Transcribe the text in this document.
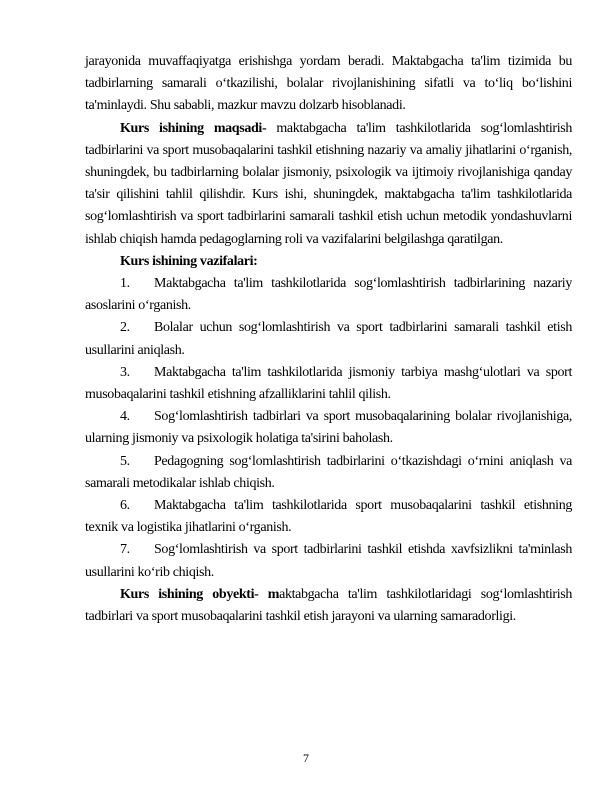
jarayonida muvaffaqiyatga erishishga yordam beradi. Maktabgacha ta'lim tizimida bu tadbirlarning samarali o‘tkazilishi, bolalar rivojlanishining sifatli va to‘liq bo‘lishini ta'minlaydi. Shu sababli, mazkur mavzu dolzarb hisoblanadi.

Kurs ishining maqsadi- maktabgacha ta'lim tashkilotlarida sog‘lomlashtirish tadbirlarini va sport musobaqalarini tashkil etishning nazariy va amaliy jihatlarini o‘rganish, shuningdek, bu tadbirlarning bolalar jismoniy, psixologik va ijtimoiy rivojlanishiga qanday ta'sir qilishini tahlil qilishdir. Kurs ishi, shuningdek, maktabgacha ta'lim tashkilotlarida sog‘lomlashtirish va sport tadbirlarini samarali tashkil etish uchun metodik yondashuvlarni ishlab chiqish hamda pedagoglarning roli va vazifalarini belgilashga qaratilgan.

Kurs ishining vazifalari:

1. Maktabgacha ta'lim tashkilotlarida sog‘lomlashtirish tadbirlarining nazariy asoslarini o‘rganish.

2. Bolalar uchun sog‘lomlashtirish va sport tadbirlarini samarali tashkil etish usullarini aniqlash.

3. Maktabgacha ta'lim tashkilotlarida jismoniy tarbiya mashg‘ulotlari va sport musobaqalarini tashkil etishning afzalliklarini tahlil qilish.

4. Sog‘lomlashtirish tadbirlari va sport musobaqalarining bolalar rivojlanishiga, ularning jismoniy va psixologik holatiga ta'sirini baholash.

5. Pedagogning sog‘lomlashtirish tadbirlarini o‘tkazishdagi o‘rnini aniqlash va samarali metodikalar ishlab chiqish.

6. Maktabgacha ta'lim tashkilotlarida sport musobaqalarini tashkil etishning texnik va logistika jihatlarini o‘rganish.

7. Sog‘lomlashtirish va sport tadbirlarini tashkil etishda xavfsizlikni ta'minlash usullarini ko‘rib chiqish.

Kurs ishining obyekti- maktabgacha ta'lim tashkilotlaridagi sog‘lomlashtirish tadbirlari va sport musobaqalarini tashkil etish jarayoni va ularning samaradorligi.

7
